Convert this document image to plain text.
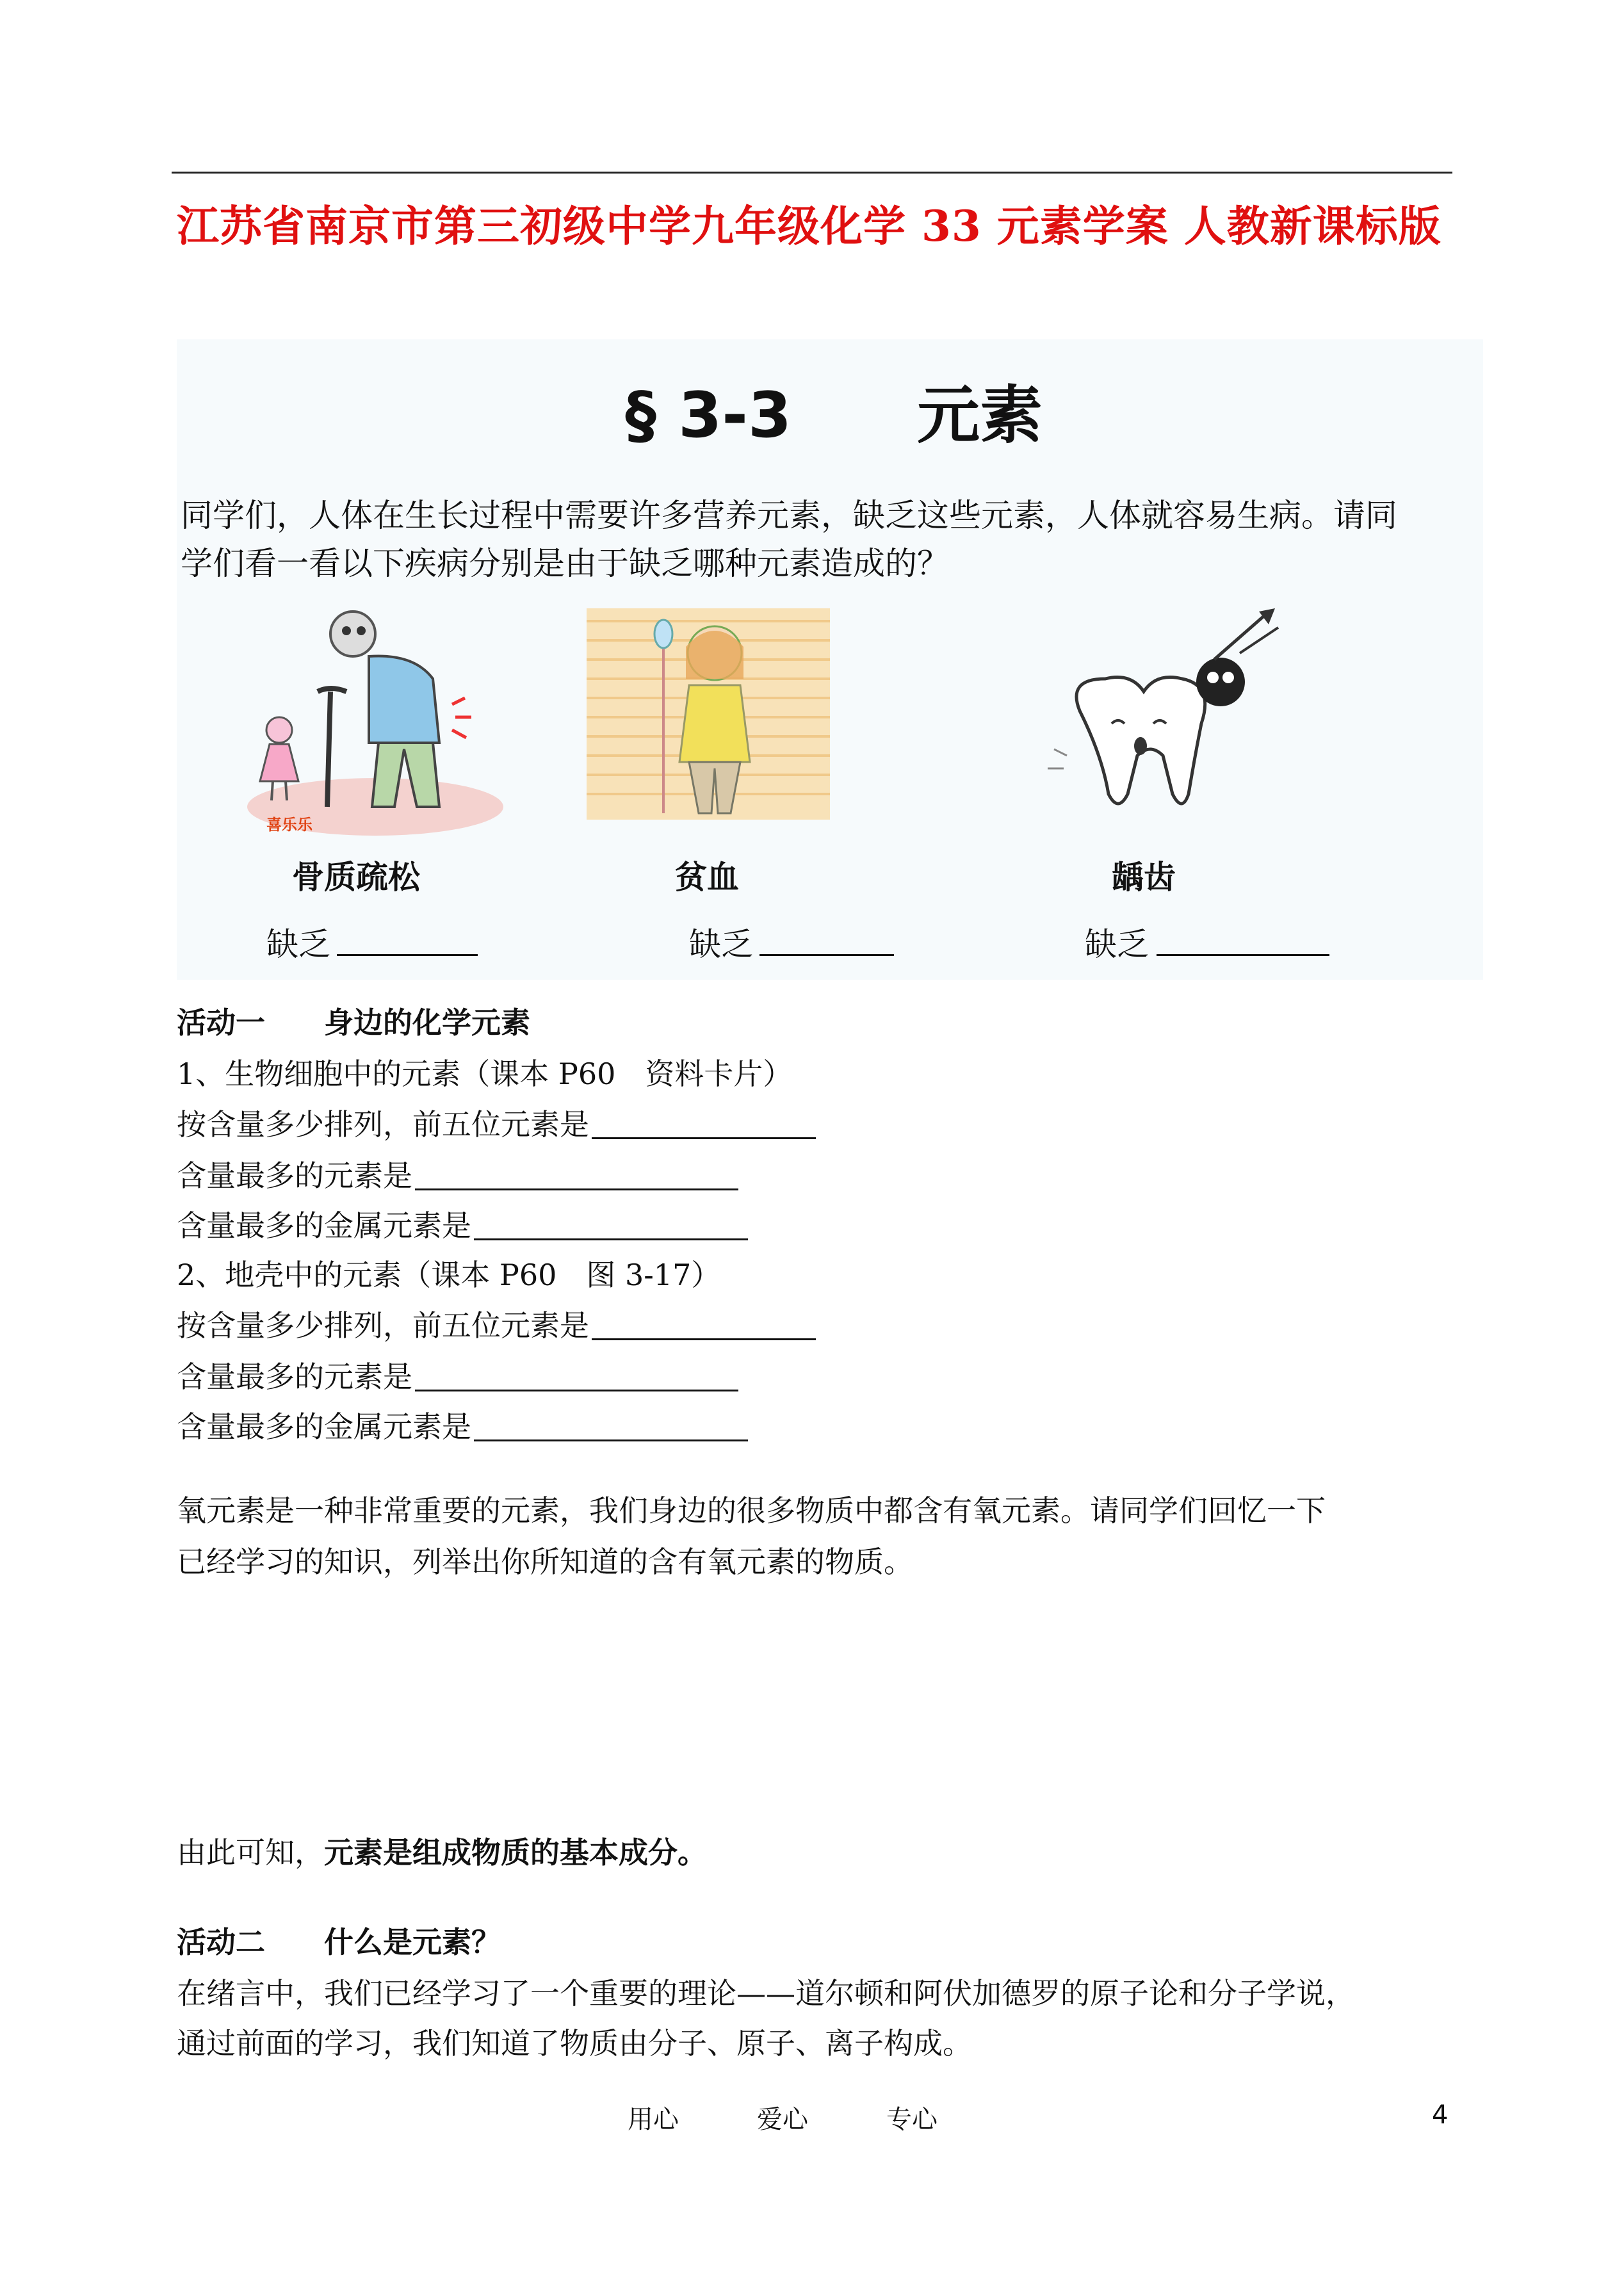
江苏省南京市第三初级中学九年级化学 33 元素学案 人教新课标版
§ 3-3　　元素
同学们，人体在生长过程中需要许多营养元素，缺乏这些元素，人体就容易生病。请同
学们看一看以下疾病分别是由于缺乏哪种元素造成的？
喜乐乐
骨质疏松	贫血	龋齿
缺乏	缺乏	缺乏
活动一　　身边的化学元素
1、生物细胞中的元素（课本 P60　资料卡片）
按含量多少排列，前五位元素是
含量最多的元素是
含量最多的金属元素是
2、地壳中的元素（课本 P60　图 3-17）
按含量多少排列，前五位元素是
含量最多的元素是
含量最多的金属元素是
氧元素是一种非常重要的元素，我们身边的很多物质中都含有氧元素。请同学们回忆一下
已经学习的知识，列举出你所知道的含有氧元素的物质。
由此可知，元素是组成物质的基本成分。
活动二　　什么是元素？
在绪言中，我们已经学习了一个重要的理论——道尔顿和阿伏加德罗的原子论和分子学说，
通过前面的学习，我们知道了物质由分子、原子、离子构成。
用心	爱心	专心	4
